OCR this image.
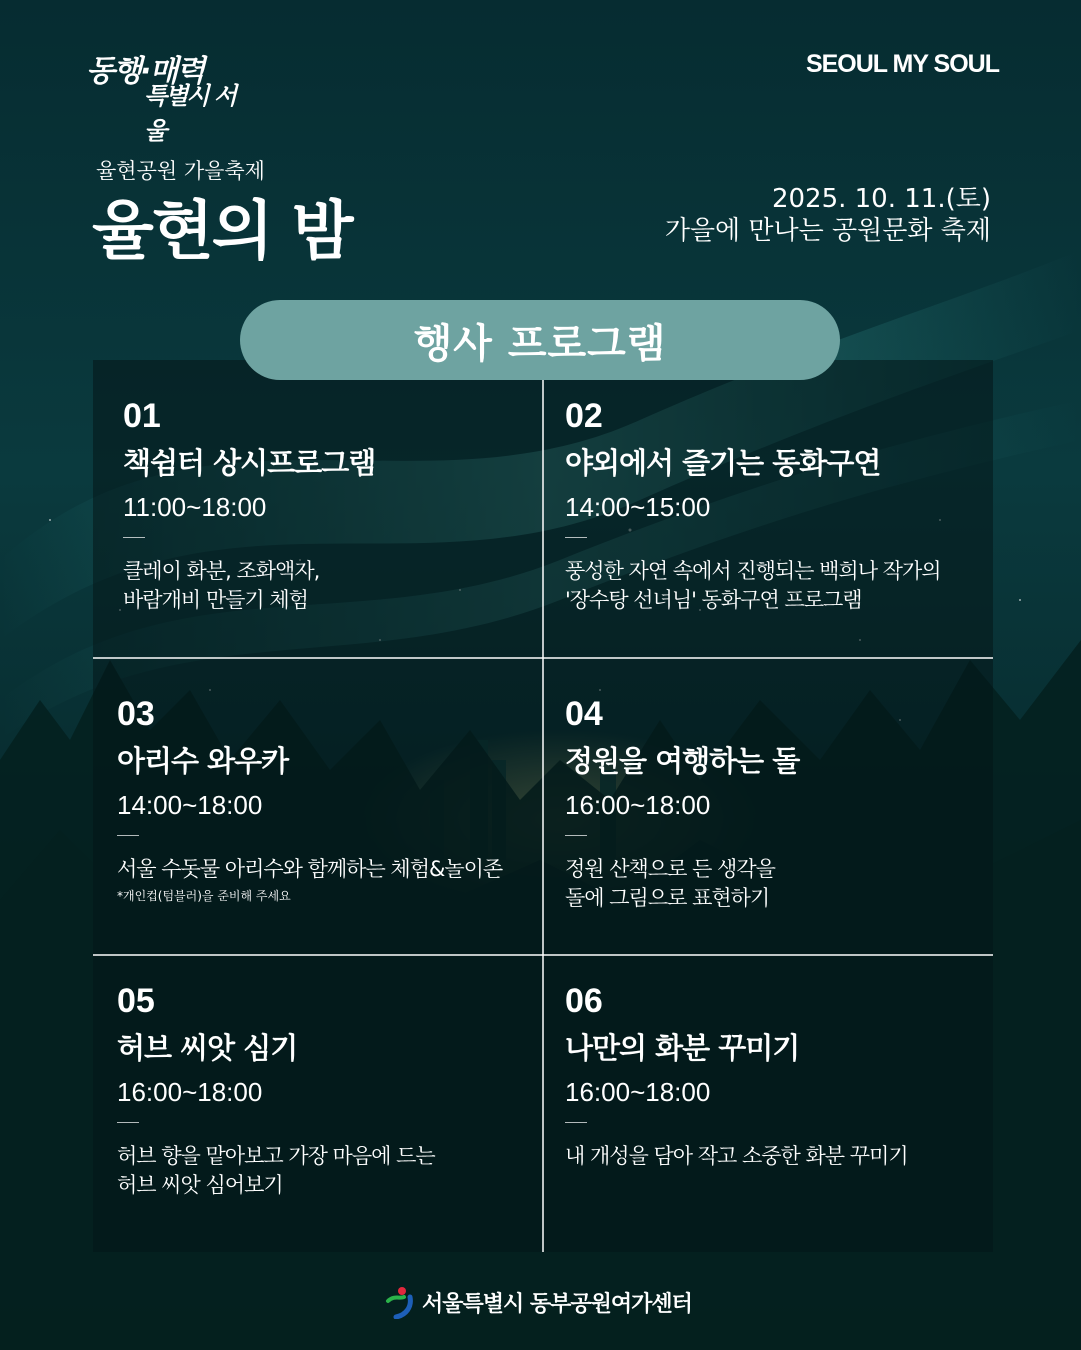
동행·매력
특별시 서울
SEOUL MY SOUL
율현공원 가을축제
율현의 밤	2025. 10. 11.(토)
가을에 만나는 공원문화 축제
행사 프로그램
01
책쉼터 상시프로그램
11:00~18:00
클레이 화분, 조화액자,
바람개비 만들기 체험
02
야외에서 즐기는 동화구연
14:00~15:00
풍성한 자연 속에서 진행되는 백희나 작가의
'장수탕 선녀님' 동화구연 프로그램
03
아리수 와우카
14:00~18:00
서울 수돗물 아리수와 함께하는 체험&놀이존
*개인컵(텀블러)을 준비해 주세요
04
정원을 여행하는 돌
16:00~18:00
정원 산책으로 든 생각을
돌에 그림으로 표현하기
05
허브 씨앗 심기
16:00~18:00
허브 향을 맡아보고 가장 마음에 드는
허브 씨앗 심어보기
06
나만의 화분 꾸미기
16:00~18:00
내 개성을 담아 작고 소중한 화분 꾸미기
서울특별시 동부공원여가센터
